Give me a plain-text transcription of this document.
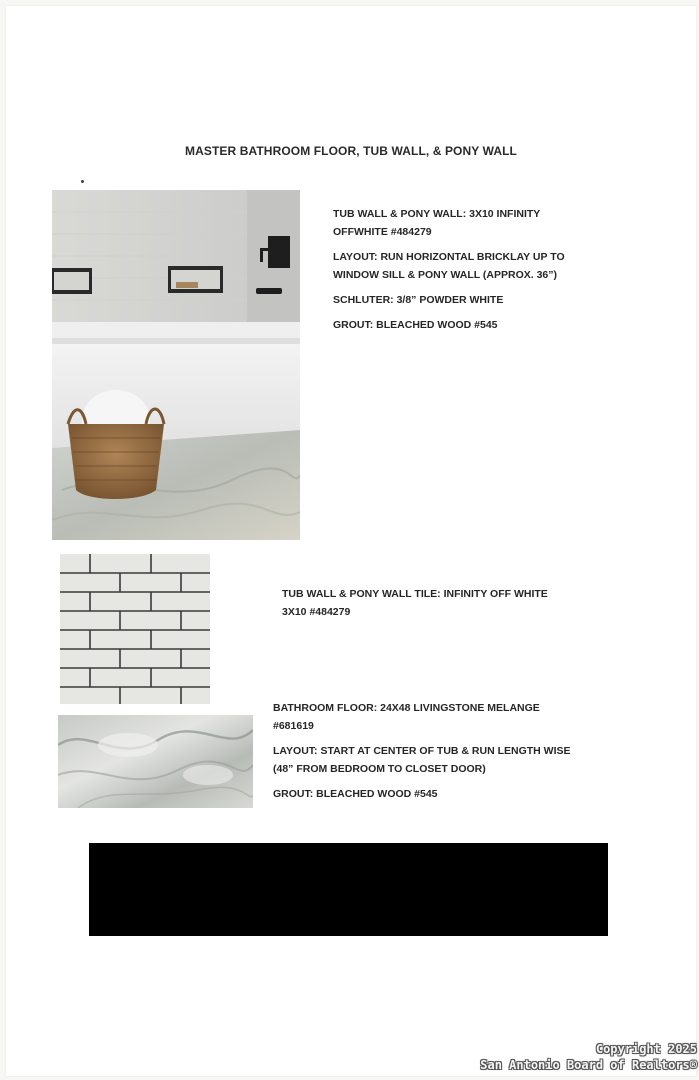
MASTER BATHROOM FLOOR, TUB WALL, & PONY WALL

TUB WALL & PONY WALL: 3X10 INFINITY
OFFWHITE #484279

LAYOUT: RUN HORIZONTAL BRICKLAY UP TO
WINDOW SILL & PONY WALL (APPROX. 36”)

SCHLUTER: 3/8” POWDER WHITE

GROUT: BLEACHED WOOD #545

TUB WALL & PONY WALL TILE: INFINITY OFF WHITE
3X10 #484279

BATHROOM FLOOR: 24X48 LIVINGSTONE MELANGE
#681619

LAYOUT: START AT CENTER OF TUB & RUN LENGTH WISE
(48” FROM BEDROOM TO CLOSET DOOR)

GROUT: BLEACHED WOOD #545

Copyright 2025
San Antonio Board of Realtors®
